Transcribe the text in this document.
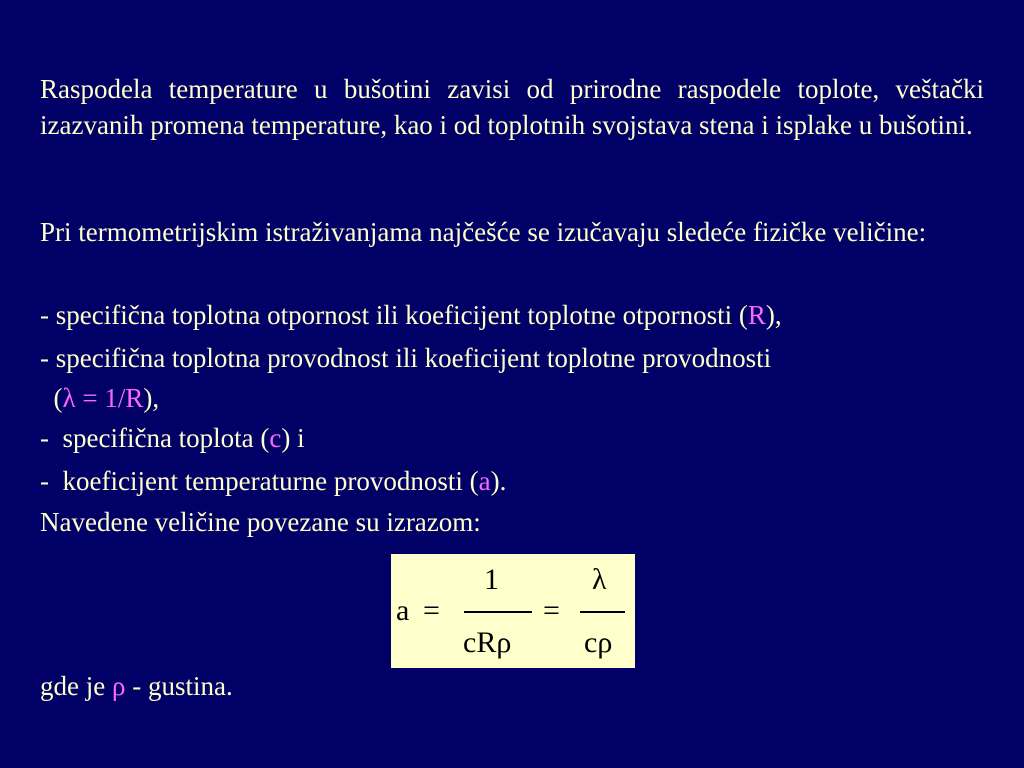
Raspodela temperature u bušotini zavisi od prirodne raspodele toplote, veštački izazvanih promena temperature, kao i od toplotnih svojstava stena i isplake u bušotini.

Pri termometrijskim istraživanjama najčešće se izučavaju sledeće fizičke veličine:

- specifična toplotna otpornost ili koeficijent toplotne otpornosti (R),
- specifična toplotna provodnost ili koeficijent toplotne provodnosti
(λ = 1/R),
-  specifična toplota (c) i
-  koeficijent temperaturne provodnosti (a).
Navedene veličine povezane su izrazom:
a =
1
cRρ
=
λ
cρ
gde je ρ - gustina.
